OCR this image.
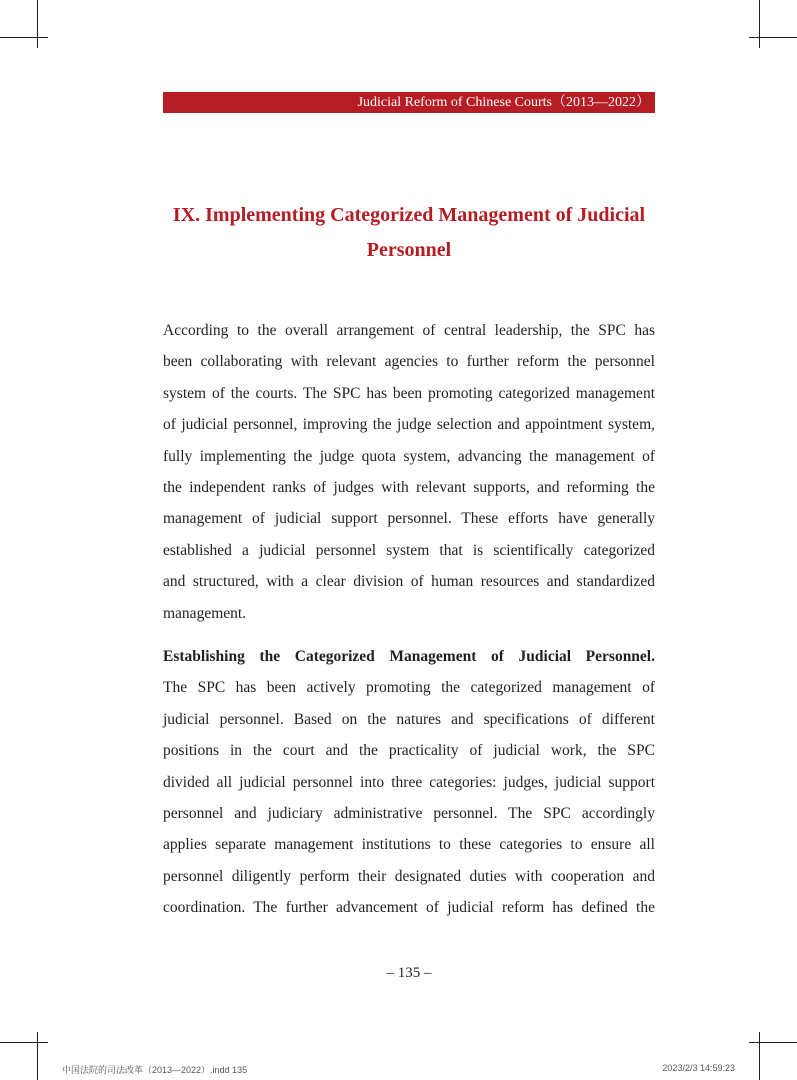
Judicial Reform of Chinese Courts（2013—2022）
IX. Implementing Categorized Management of Judicial
Personnel
According to the overall arrangement of central leadership, the SPC has
been collaborating with relevant agencies to further reform the personnel
system of the courts. The SPC has been promoting categorized management
of judicial personnel, improving the judge selection and appointment system,
fully implementing the judge quota system, advancing the management of
the independent ranks of judges with relevant supports, and reforming the
management of judicial support personnel. These efforts have generally
established a judicial personnel system that is scientifically categorized
and structured, with a clear division of human resources and standardized
management.
Establishing the Categorized Management of Judicial Personnel.
The SPC has been actively promoting the categorized management of
judicial personnel. Based on the natures and specifications of different
positions in the court and the practicality of judicial work, the SPC
divided all judicial personnel into three categories: judges, judicial support
personnel and judiciary administrative personnel. The SPC accordingly
applies separate management institutions to these categories to ensure all
personnel diligently perform their designated duties with cooperation and
coordination. The further advancement of judicial reform has defined the
– 135 –
中国法院的司法改革（2013—2022）.indd 135	2023/2/3 14:59:23
